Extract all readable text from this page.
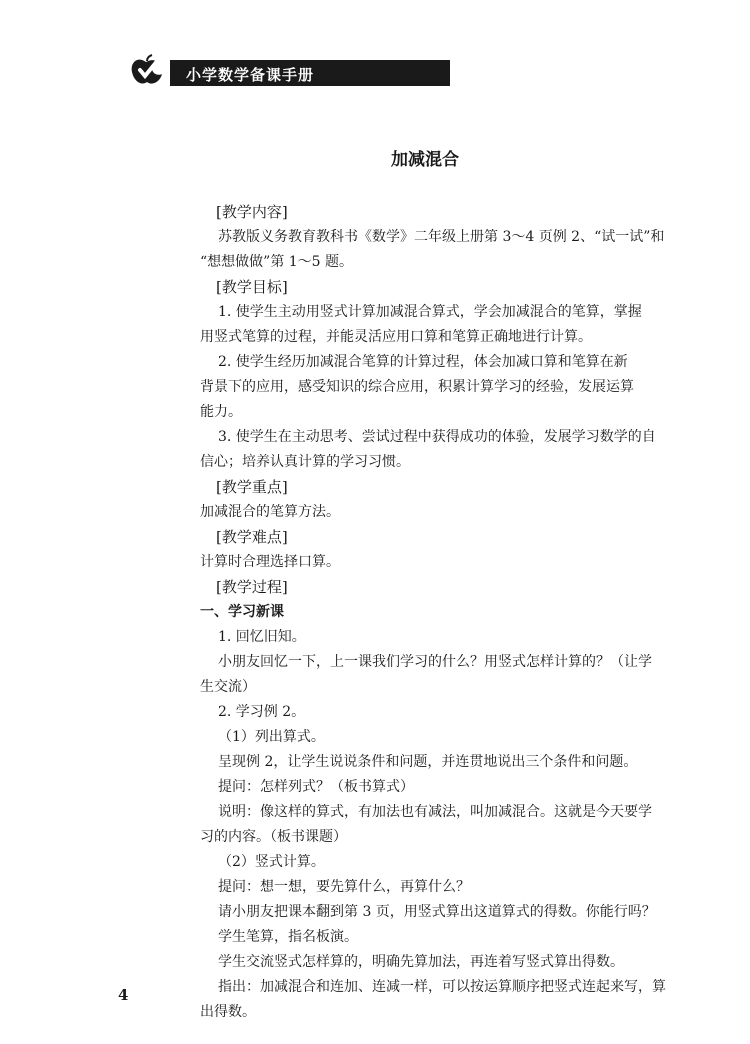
小学数学备课手册
加减混合
[教学内容]
苏教版义务教育教科书《数学》二年级上册第 3～4 页例 2、“试一试”和
“想想做做”第 1～5 题。
[教学目标]
1. 使学生主动用竖式计算加减混合算式，学会加减混合的笔算，掌握
用竖式笔算的过程，并能灵活应用口算和笔算正确地进行计算。
2. 使学生经历加减混合笔算的计算过程，体会加减口算和笔算在新
背景下的应用，感受知识的综合应用，积累计算学习的经验，发展运算
能力。
3. 使学生在主动思考、尝试过程中获得成功的体验，发展学习数学的自
信心；培养认真计算的学习习惯。
[教学重点]
加减混合的笔算方法。
[教学难点]
计算时合理选择口算。
[教学过程]
一、学习新课
1. 回忆旧知。
小朋友回忆一下，上一课我们学习的什么？用竖式怎样计算的？（让学
生交流）
2. 学习例 2。
（1）列出算式。
呈现例 2，让学生说说条件和问题，并连贯地说出三个条件和问题。
提问：怎样列式？（板书算式）
说明：像这样的算式，有加法也有减法，叫加减混合。这就是今天要学
习的内容。（板书课题）
（2）竖式计算。
提问：想一想，要先算什么，再算什么？
请小朋友把课本翻到第 3 页，用竖式算出这道算式的得数。你能行吗？
学生笔算，指名板演。
学生交流竖式怎样算的，明确先算加法，再连着写竖式算出得数。
指出：加减混合和连加、连减一样，可以按运算顺序把竖式连起来写，算
出得数。
4
